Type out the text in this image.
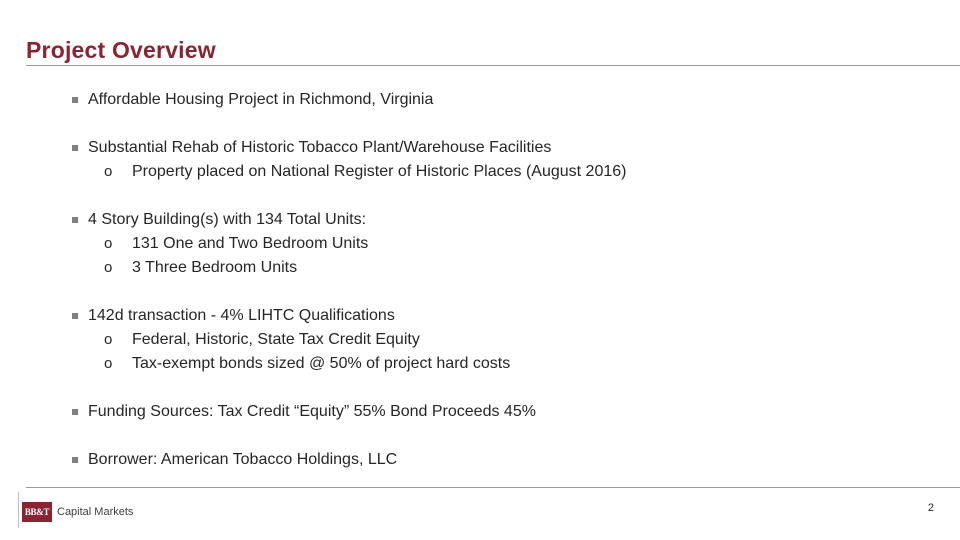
Project Overview
Affordable Housing Project in Richmond, Virginia
Substantial Rehab of Historic Tobacco Plant/Warehouse Facilities
o	Property placed on National Register of Historic Places (August 2016)
4 Story Building(s) with 134 Total Units:
o	131 One and Two Bedroom Units
o	3 Three Bedroom Units
142d transaction - 4% LIHTC Qualifications
o	Federal, Historic, State Tax Credit Equity
o	Tax-exempt bonds sized @ 50% of project hard costs
Funding Sources: Tax Credit “Equity” 55% Bond Proceeds 45%
Borrower: American Tobacco Holdings, LLC
BB&T Capital Markets	2
